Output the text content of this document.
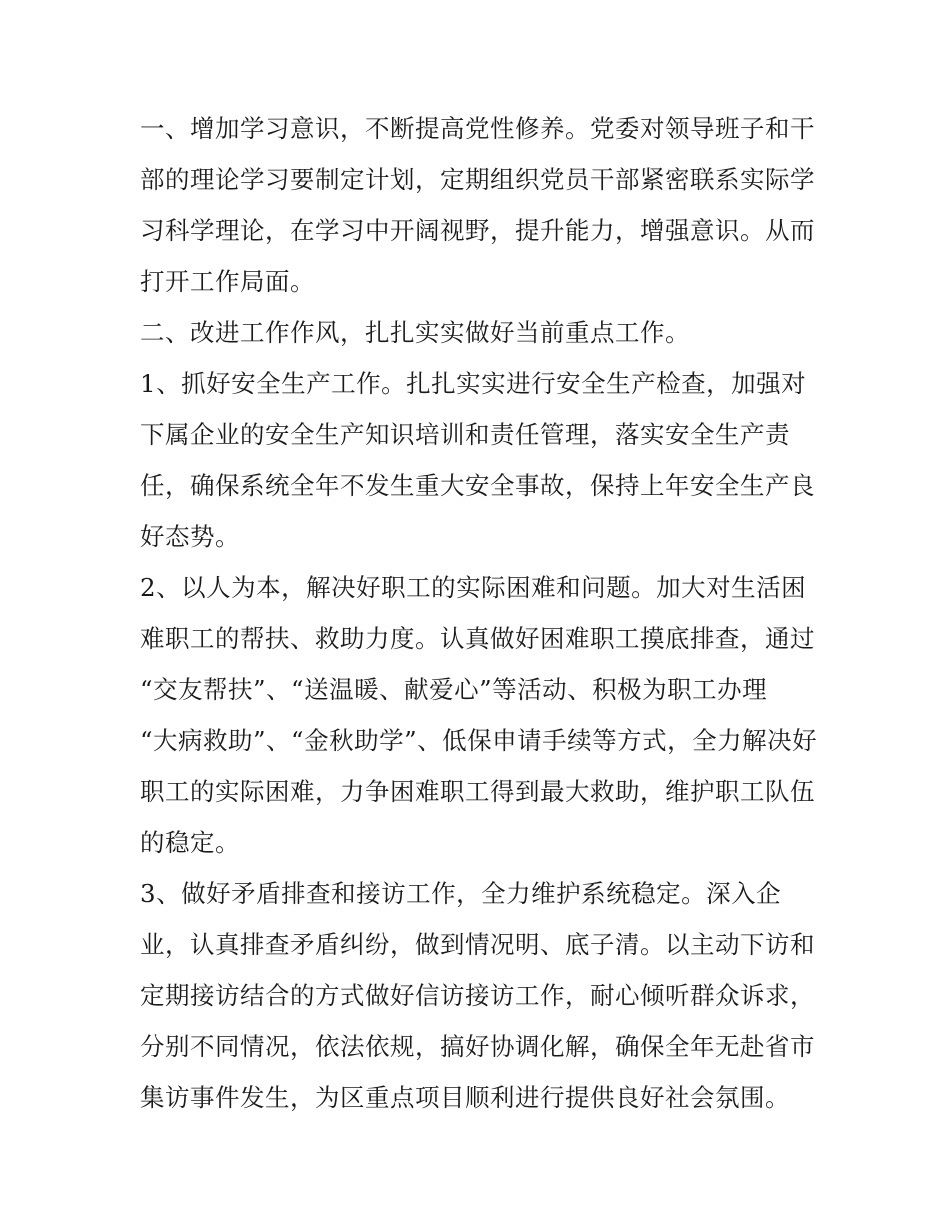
一、增加学习意识，不断提高党性修养。党委对领导班子和干
部的理论学习要制定计划，定期组织党员干部紧密联系实际学
习科学理论，在学习中开阔视野，提升能力，增强意识。从而
打开工作局面。
二、改进工作作风，扎扎实实做好当前重点工作。
1、抓好安全生产工作。扎扎实实进行安全生产检查，加强对
下属企业的安全生产知识培训和责任管理，落实安全生产责
任，确保系统全年不发生重大安全事故，保持上年安全生产良
好态势。
2、以人为本，解决好职工的实际困难和问题。加大对生活困
难职工的帮扶、救助力度。认真做好困难职工摸底排查，通过
“交友帮扶”、“送温暖、献爱心”等活动、积极为职工办理
“大病救助”、“金秋助学”、低保申请手续等方式，全力解决好
职工的实际困难，力争困难职工得到最大救助，维护职工队伍
的稳定。
3、做好矛盾排查和接访工作，全力维护系统稳定。深入企
业，认真排查矛盾纠纷，做到情况明、底子清。以主动下访和
定期接访结合的方式做好信访接访工作，耐心倾听群众诉求，
分别不同情况，依法依规，搞好协调化解，确保全年无赴省市
集访事件发生，为区重点项目顺利进行提供良好社会氛围。
